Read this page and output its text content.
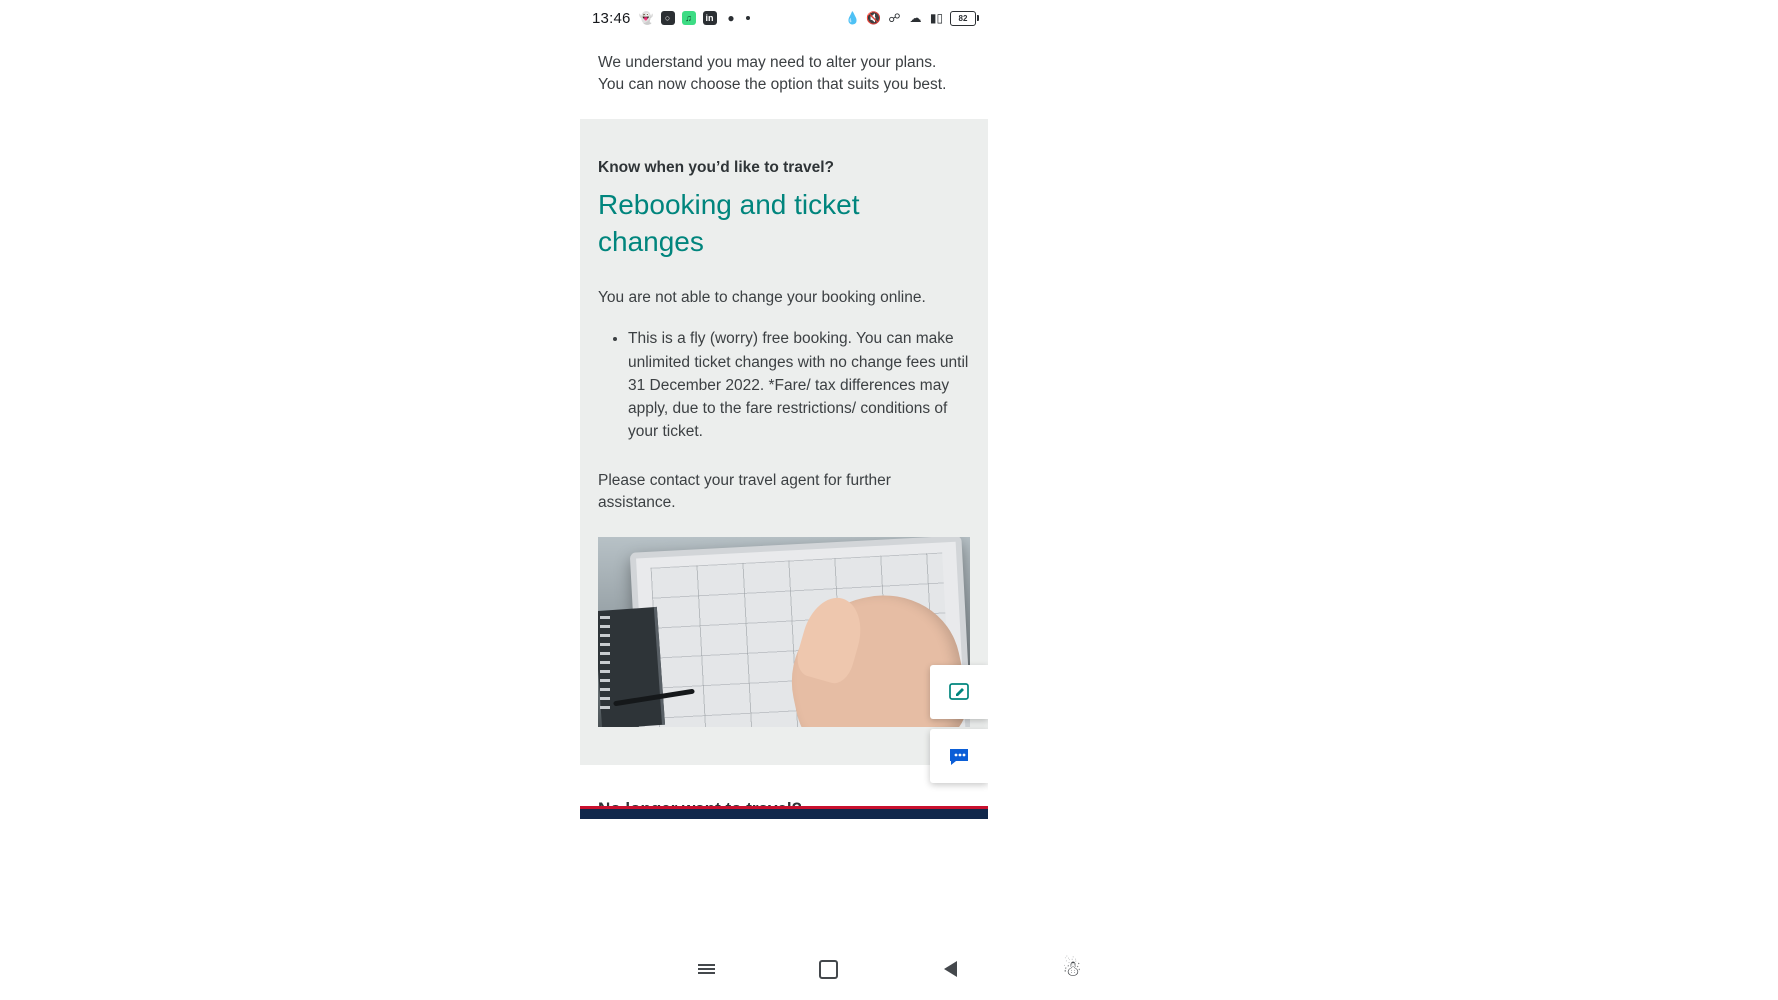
13:46 👻	○	♫	in	●	💧 🔇 ☍ ☁ ▮▯	82
We understand you may need to alter your plans.
You can now choose the option that suits you best.
Know when you’d like to travel?
Rebooking and ticket changes

You are not able to change your booking online.

• This is a fly (worry) free booking. You can make unlimited ticket changes with no change fees until 31 December 2022. *Fare/ tax differences may apply, due to the fare restrictions/ conditions of your ticket.

Please contact your travel agent for further assistance.

☃
